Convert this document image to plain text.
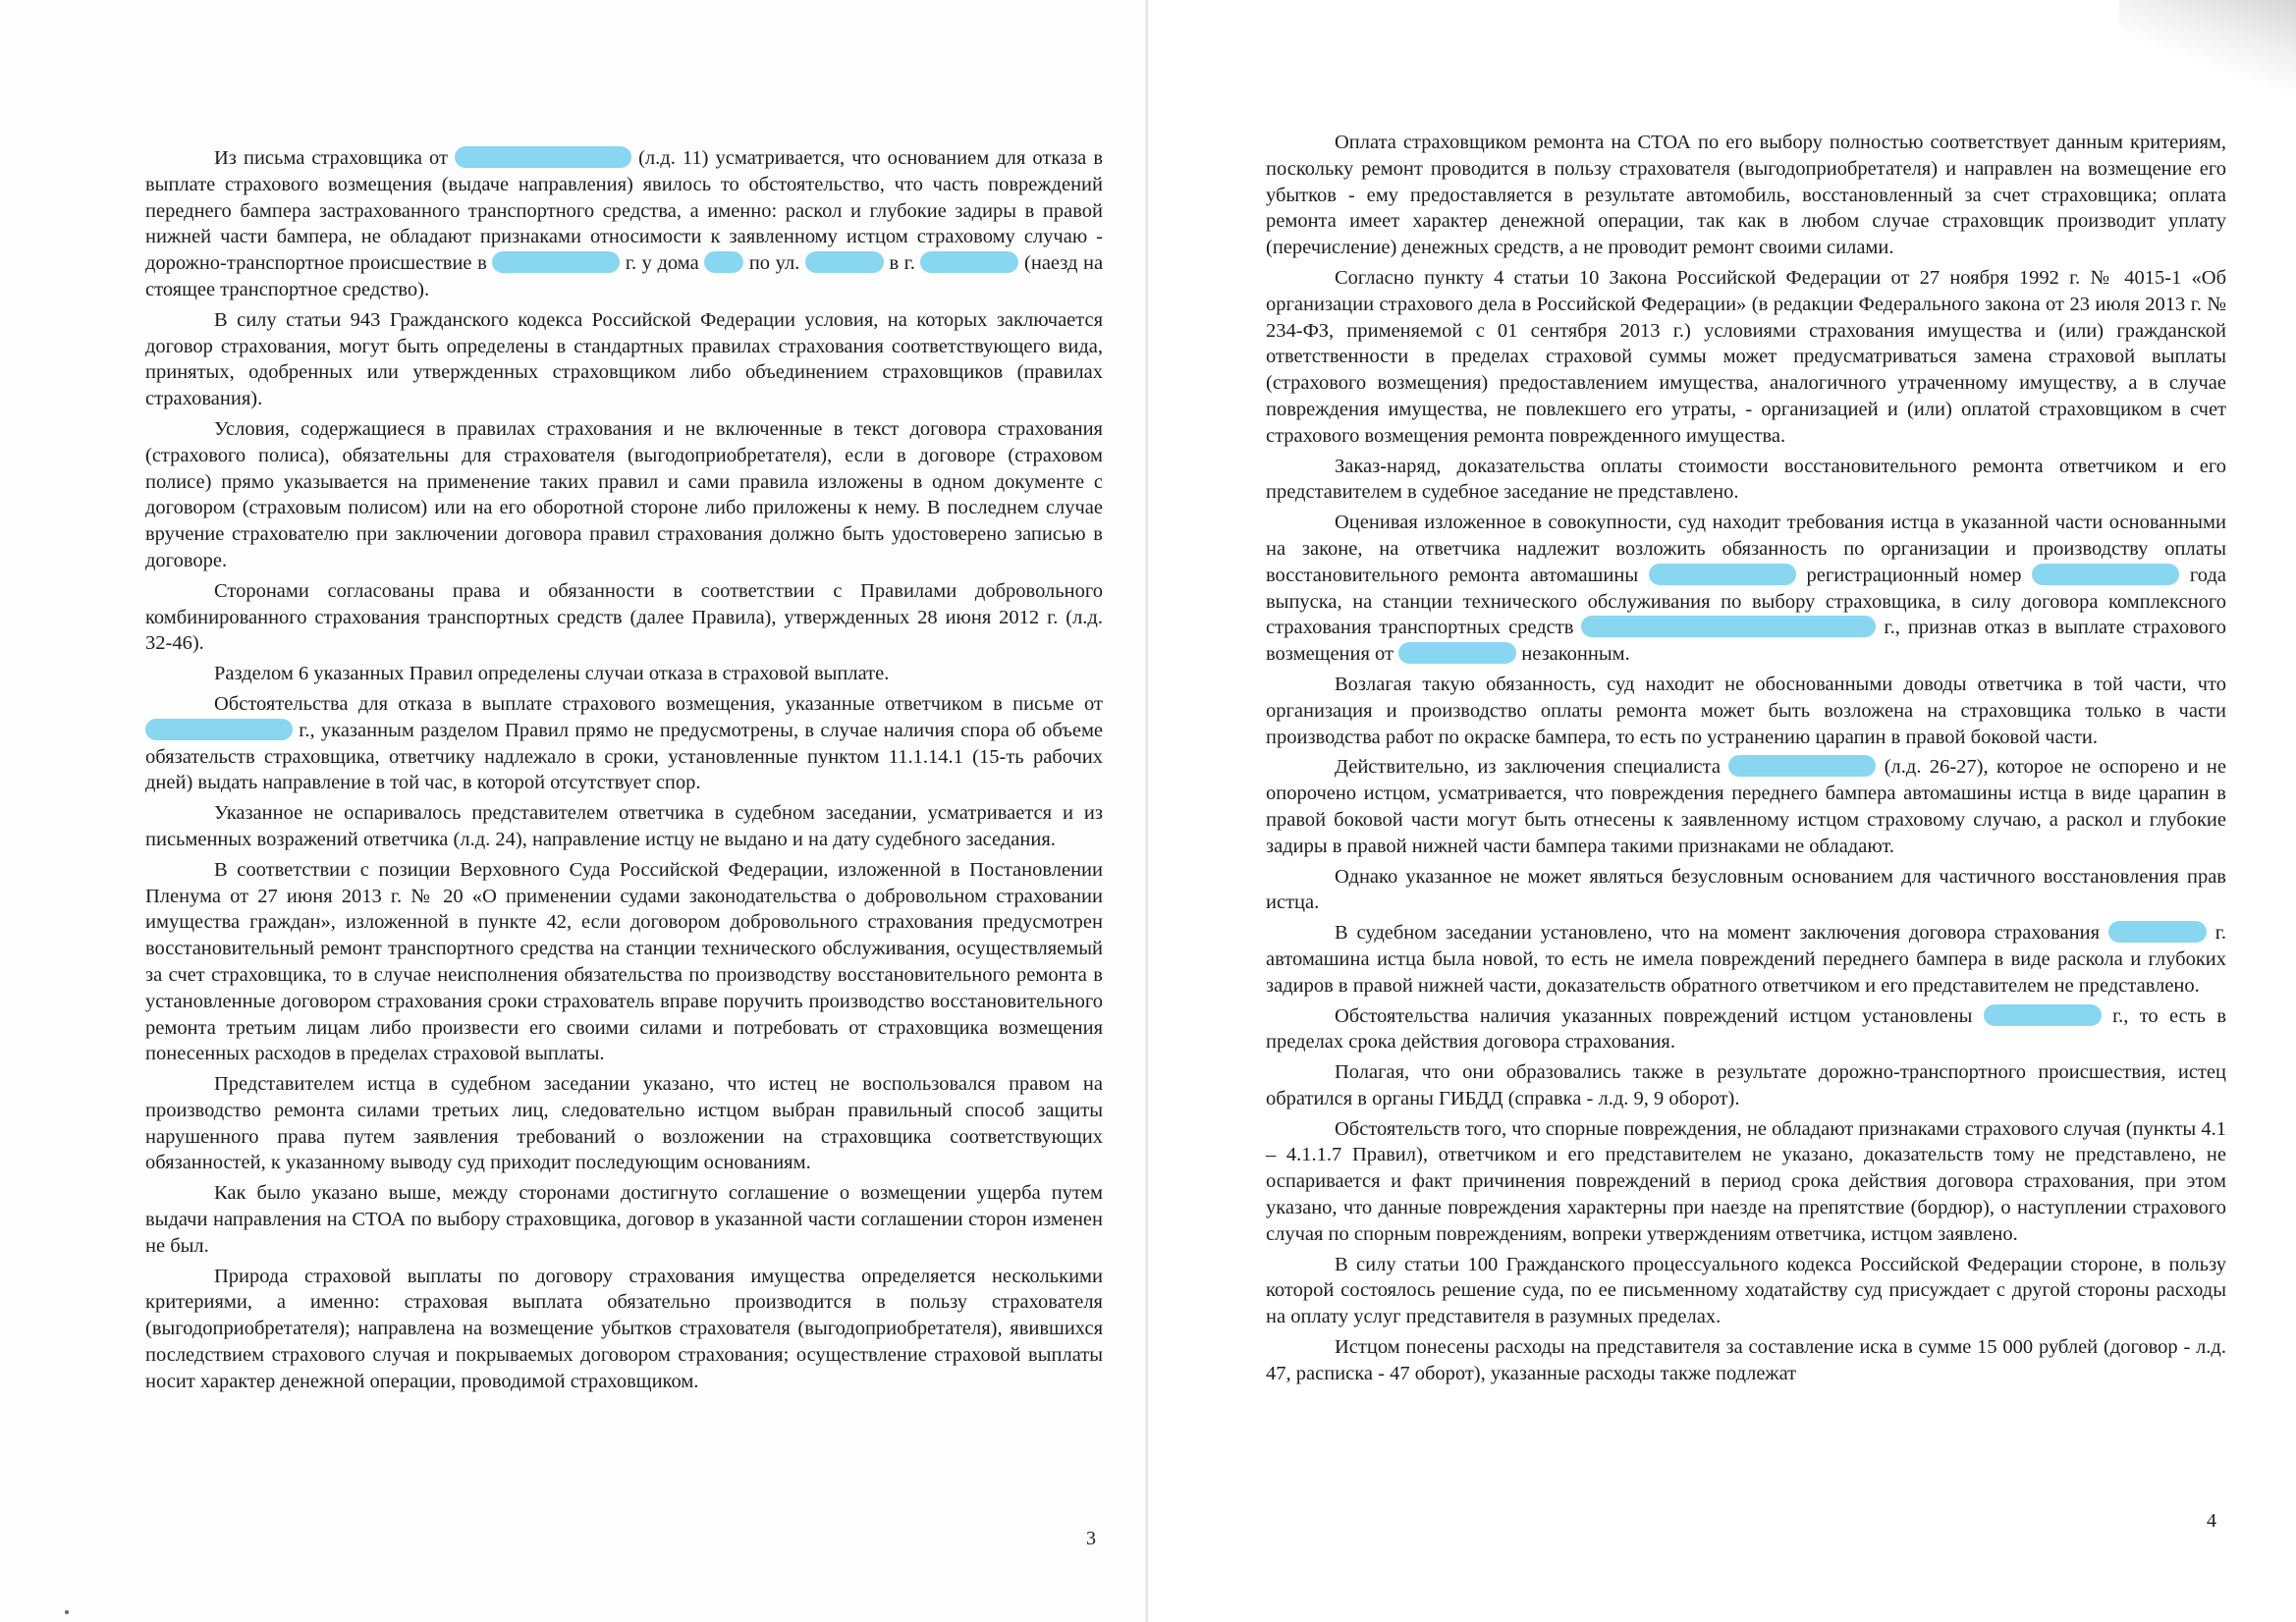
Из письма страховщика от	(л.д. 11) усматривается, что основанием для отказа в выплате страхового возмещения (выдаче направления) явилось то обстоятельство, что часть повреждений переднего бампера застрахованного транспортного средства, а именно: раскол и глубокие задиры в правой нижней части бампера, не обладают признаками относимости к заявленному истцом страховому случаю - дорожно-транспортное происшествие в	г. у дома по ул.	в г.	(наезд на стоящее транспортное средство).

В силу статьи 943 Гражданского кодекса Российской Федерации условия, на которых заключается договор страхования, могут быть определены в стандартных правилах страхования соответствующего вида, принятых, одобренных или утвержденных страховщиком либо объединением страховщиков (правилах страхования).

Условия, содержащиеся в правилах страхования и не включенные в текст договора страхования (страхового полиса), обязательны для страхователя (выгодоприобретателя), если в договоре (страховом полисе) прямо указывается на применение таких правил и сами правила изложены в одном документе с договором (страховым полисом) или на его оборотной стороне либо приложены к нему. В последнем случае вручение страхователю при заключении договора правил страхования должно быть удостоверено записью в договоре.

Сторонами согласованы права и обязанности в соответствии с Правилами добровольного комбинированного страхования транспортных средств (далее Правила), утвержденных 28 июня 2012 г. (л.д. 32-46).

Разделом 6 указанных Правил определены случаи отказа в страховой выплате.

Обстоятельства для отказа в выплате страхового возмещения, указанные ответчиком в письме от  г., указанным разделом Правил прямо не предусмотрены, в случае наличия спора об объеме обязательств страховщика, ответчику надлежало в сроки, установленные пунктом 11.1.14.1 (15-ть рабочих дней) выдать направление в той час, в которой отсутствует спор.

Указанное не оспаривалось представителем ответчика в судебном заседании, усматривается и из письменных возражений ответчика (л.д. 24), направление истцу не выдано и на дату судебного заседания.

В соответствии с позиции Верховного Суда Российской Федерации, изложенной в Постановлении Пленума от 27 июня 2013 г. № 20 «О применении судами законодательства о добровольном страховании имущества граждан», изложенной в пункте 42, если договором добровольного страхования предусмотрен восстановительный ремонт транспортного средства на станции технического обслуживания, осуществляемый за счет страховщика, то в случае неисполнения обязательства по производству восстановительного ремонта в установленные договором страхования сроки страхователь вправе поручить производство восстановительного ремонта третьим лицам либо произвести его своими силами и потребовать от страховщика возмещения понесенных расходов в пределах страховой выплаты.

Представителем истца в судебном заседании указано, что истец не воспользовался правом на производство ремонта силами третьих лиц, следовательно истцом выбран правильный способ защиты нарушенного права путем заявления требований о возложении на страховщика соответствующих обязанностей, к указанному выводу суд приходит последующим основаниям.

Как было указано выше, между сторонами достигнуто соглашение о возмещении ущерба путем выдачи направления на СТОА по выбору страховщика, договор в указанной части соглашении сторон изменен не был.

Природа страховой выплаты по договору страхования имущества определяется несколькими критериями, а именно: страховая выплата обязательно производится в пользу страхователя (выгодоприобретателя); направлена на возмещение убытков страхователя (выгодоприобретателя), явившихся последствием страхового случая и покрываемых договором страхования; осуществление страховой выплаты носит характер денежной операции, проводимой страховщиком.

3

Оплата страховщиком ремонта на СТОА по его выбору полностью соответствует данным критериям, поскольку ремонт проводится в пользу страхователя (выгодоприобретателя) и направлен на возмещение его убытков - ему предоставляется в результате автомобиль, восстановленный за счет страховщика; оплата ремонта имеет характер денежной операции, так как в любом случае страховщик производит уплату (перечисление) денежных средств, а не проводит ремонт своими силами.

Согласно пункту 4 статьи 10 Закона Российской Федерации от 27 ноября 1992 г. № 4015-1 «Об организации страхового дела в Российской Федерации» (в редакции Федерального закона от 23 июля 2013 г. № 234-ФЗ, применяемой с 01 сентября 2013 г.) условиями страхования имущества и (или) гражданской ответственности в пределах страховой суммы может предусматриваться замена страховой выплаты (страхового возмещения) предоставлением имущества, аналогичного утраченному имуществу, а в случае повреждения имущества, не повлекшего его утраты, - организацией и (или) оплатой страховщиком в счет страхового возмещения ремонта поврежденного имущества.

Заказ-наряд, доказательства оплаты стоимости восстановительного ремонта ответчиком и его представителем в судебное заседание не представлено.

Оценивая изложенное в совокупности, суд находит требования истца в указанной части основанными на законе, на ответчика надлежит возложить обязанность по организации и производству оплаты восстановительного ремонта автомашины	регистрационный номер	года выпуска, на станции технического обслуживания по выбору страховщика, в силу договора комплексного страхования транспортных средств	г., признав отказ в выплате страхового возмещения от	незаконным.

Возлагая такую обязанность, суд находит не обоснованными доводы ответчика в той части, что организация и производство оплаты ремонта может быть возложена на страховщика только в части производства работ по окраске бампера, то есть по устранению царапин в правой боковой части.

Действительно, из заключения специалиста	(л.д. 26-27), которое не оспорено и не опорочено истцом, усматривается, что повреждения переднего бампера автомашины истца в виде царапин в правой боковой части могут быть отнесены к заявленному истцом страховому случаю, а раскол и глубокие задиры в правой нижней части бампера такими признаками не обладают.

Однако указанное не может являться безусловным основанием для частичного восстановления прав истца.

В судебном заседании установлено, что на момент заключения договора страхования	г. автомашина истца была новой, то есть не имела повреждений переднего бампера в виде раскола и глубоких задиров в правой нижней части, доказательств обратного ответчиком и его представителем не представлено.

Обстоятельства наличия указанных повреждений истцом установлены	г., то есть в пределах срока действия договора страхования.

Полагая, что они образовались также в результате дорожно-транспортного происшествия, истец обратился в органы ГИБДД (справка - л.д. 9, 9 оборот).

Обстоятельств того, что спорные повреждения, не обладают признаками страхового случая (пункты 4.1 – 4.1.1.7 Правил), ответчиком и его представителем не указано, доказательств тому не представлено, не оспаривается и факт причинения повреждений в период срока действия договора страхования, при этом указано, что данные повреждения характерны при наезде на препятствие (бордюр), о наступлении страхового случая по спорным повреждениям, вопреки утверждениям ответчика, истцом заявлено.

В силу статьи 100 Гражданского процессуального кодекса Российской Федерации стороне, в пользу которой состоялось решение суда, по ее письменному ходатайству суд присуждает с другой стороны расходы на оплату услуг представителя в разумных пределах.

Истцом понесены расходы на представителя за составление иска в сумме 15 000 рублей (договор - л.д. 47, расписка - 47 оборот), указанные расходы также подлежат

4
